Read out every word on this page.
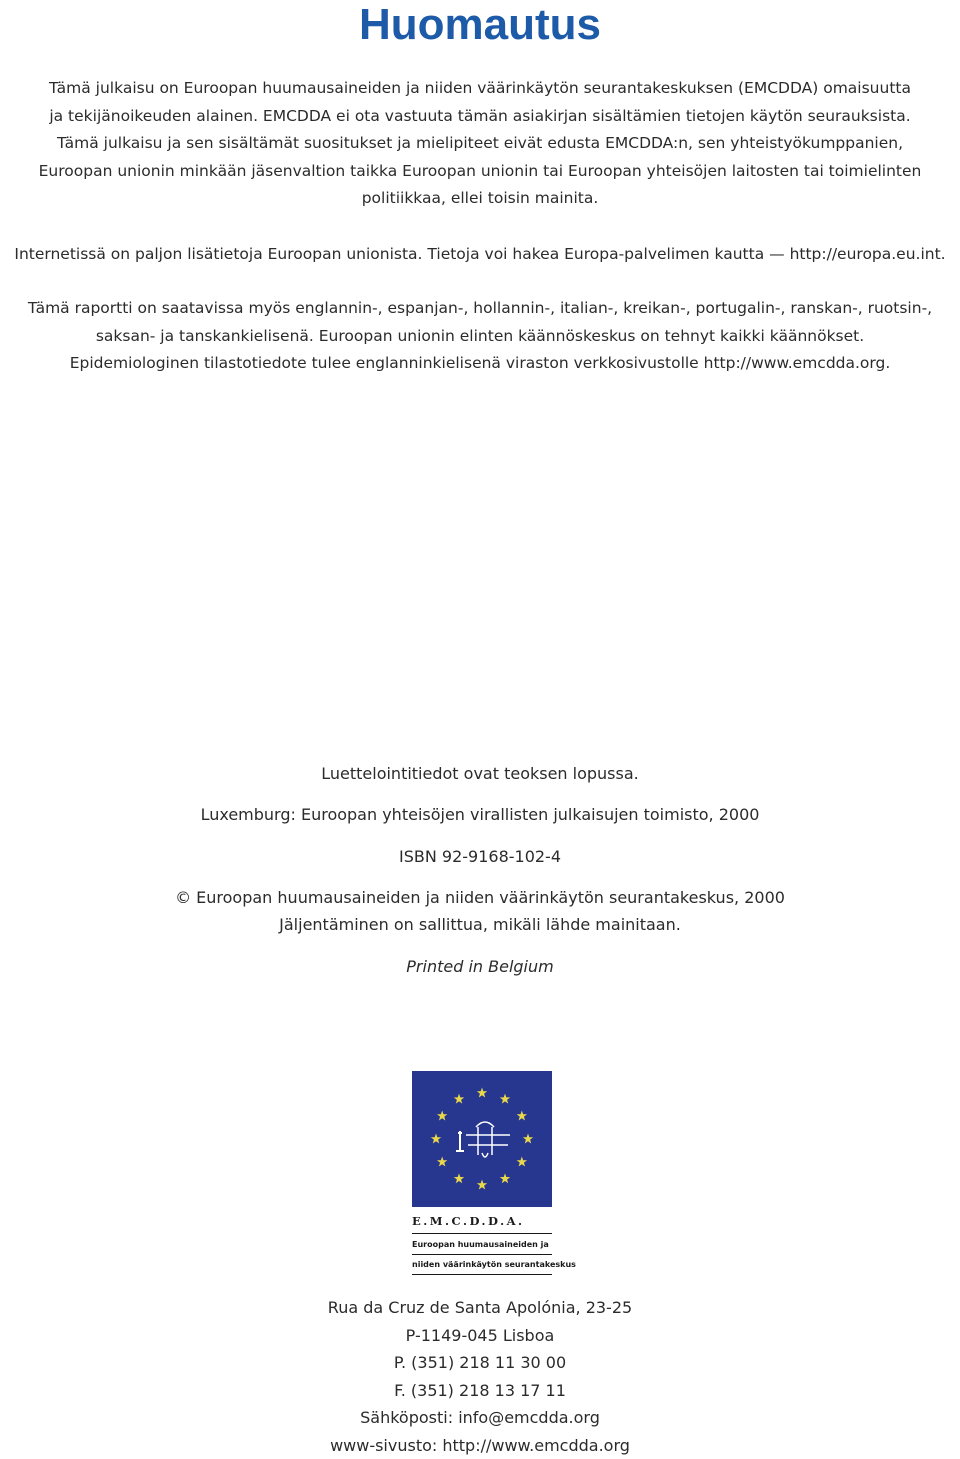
Huomautus
Tämä julkaisu on Euroopan huumausaineiden ja niiden väärinkäytön seurantakeskuksen (EMCDDA) omaisuutta
ja tekijänoikeuden alainen. EMCDDA ei ota vastuuta tämän asiakirjan sisältämien tietojen käytön seurauksista.
Tämä julkaisu ja sen sisältämät suositukset ja mielipiteet eivät edusta EMCDDA:n, sen yhteistyökumppanien,
Euroopan unionin minkään jäsenvaltion taikka Euroopan unionin tai Euroopan yhteisöjen laitosten tai toimielinten
politiikkaa, ellei toisin mainita.
Internetissä on paljon lisätietoja Euroopan unionista. Tietoja voi hakea Europa-palvelimen kautta — http://europa.eu.int.
Tämä raportti on saatavissa myös englannin-, espanjan-, hollannin-, italian-, kreikan-, portugalin-, ranskan-, ruotsin-,
saksan- ja tanskankielisenä. Euroopan unionin elinten käännöskeskus on tehnyt kaikki käännökset.
Epidemiologinen tilastotiedote tulee englanninkielisenä viraston verkkosivustolle http://www.emcdda.org.

Luettelointitiedot ovat teoksen lopussa.

Luxemburg: Euroopan yhteisöjen virallisten julkaisujen toimisto, 2000

ISBN 92-9168-102-4

© Euroopan huumausaineiden ja niiden väärinkäytön seurantakeskus, 2000

Jäljentäminen on sallittua, mikäli lähde mainitaan.

Printed in Belgium

E.M.C.D.D.A.
Euroopan huumausaineiden ja
niiden väärinkäytön seurantakeskus
Rua da Cruz de Santa Apolónia, 23-25
P-1149-045 Lisboa
P. (351) 218 11 30 00
F. (351) 218 13 17 11
Sähköposti: info@emcdda.org
www-sivusto: http://www.emcdda.org
